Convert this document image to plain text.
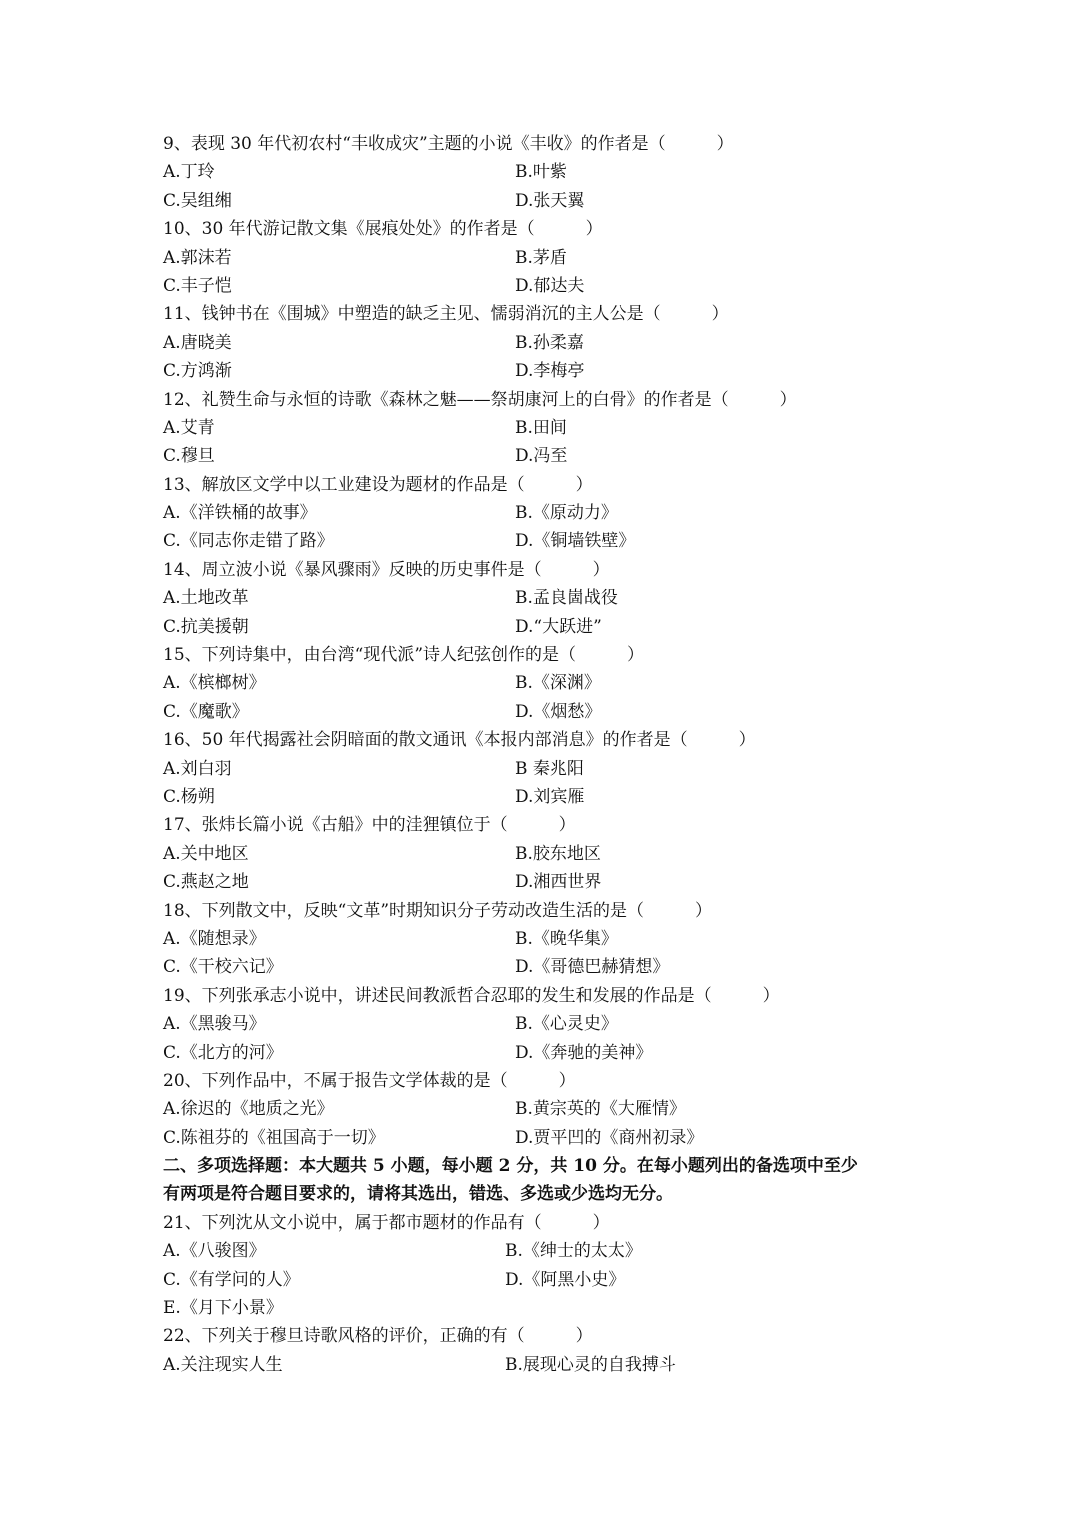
9、表现 30 年代初农村“丰收成灾”主题的小说《丰收》的作者是（　　　）
A.丁玲	B.叶紫
C.吴组缃	D.张天翼
10、30 年代游记散文集《展痕处处》的作者是（　　　）
A.郭沫若	B.茅盾
C.丰子恺	D.郁达夫
11、钱钟书在《围城》中塑造的缺乏主见、懦弱消沉的主人公是（　　　）
A.唐晓美	B.孙柔嘉
C.方鸿渐	D.李梅亭
12、礼赞生命与永恒的诗歌《森林之魅——祭胡康河上的白骨》的作者是（　　　）
A.艾青	B.田间
C.穆旦	D.冯至
13、解放区文学中以工业建设为题材的作品是（　　　）
A.《洋铁桶的故事》	B.《原动力》
C.《同志你走错了路》	D.《铜墙铁壁》
14、周立波小说《暴风骤雨》反映的历史事件是（　　　）
A.土地改革	B.孟良崮战役
C.抗美援朝	D.“大跃进”
15、下列诗集中，由台湾“现代派”诗人纪弦创作的是（　　　）
A.《槟榔树》	B.《深渊》
C.《魔歌》	D.《烟愁》
16、50 年代揭露社会阴暗面的散文通讯《本报内部消息》的作者是（　　　）
A.刘白羽	B 秦兆阳
C.杨朔	D.刘宾雁
17、张炜长篇小说《古船》中的洼狸镇位于（　　　）
A.关中地区	B.胶东地区
C.燕赵之地	D.湘西世界
18、下列散文中，反映“文革”时期知识分子劳动改造生活的是（　　　）
A.《随想录》	B.《晚华集》
C.《干校六记》	D.《哥德巴赫猜想》
19、下列张承志小说中，讲述民间教派哲合忍耶的发生和发展的作品是（　　　）
A.《黑骏马》	B.《心灵史》
C.《北方的河》	D.《奔驰的美神》
20、下列作品中，不属于报告文学体裁的是（　　　）
A.徐迟的《地质之光》	B.黄宗英的《大雁情》
C.陈祖芬的《祖国高于一切》	D.贾平凹的《商州初录》
二、多项选择题：本大题共 5 小题，每小题 2 分，共 10 分。在每小题列出的备选项中至少
有两项是符合题目要求的，请将其选出，错选、多选或少选均无分。
21、下列沈从文小说中，属于都市题材的作品有（　　　）
A.《八骏图》	B.《绅士的太太》
C.《有学问的人》	D.《阿黑小史》
E.《月下小景》
22、下列关于穆旦诗歌风格的评价，正确的有（　　　）
A.关注现实人生	B.展现心灵的自我搏斗
